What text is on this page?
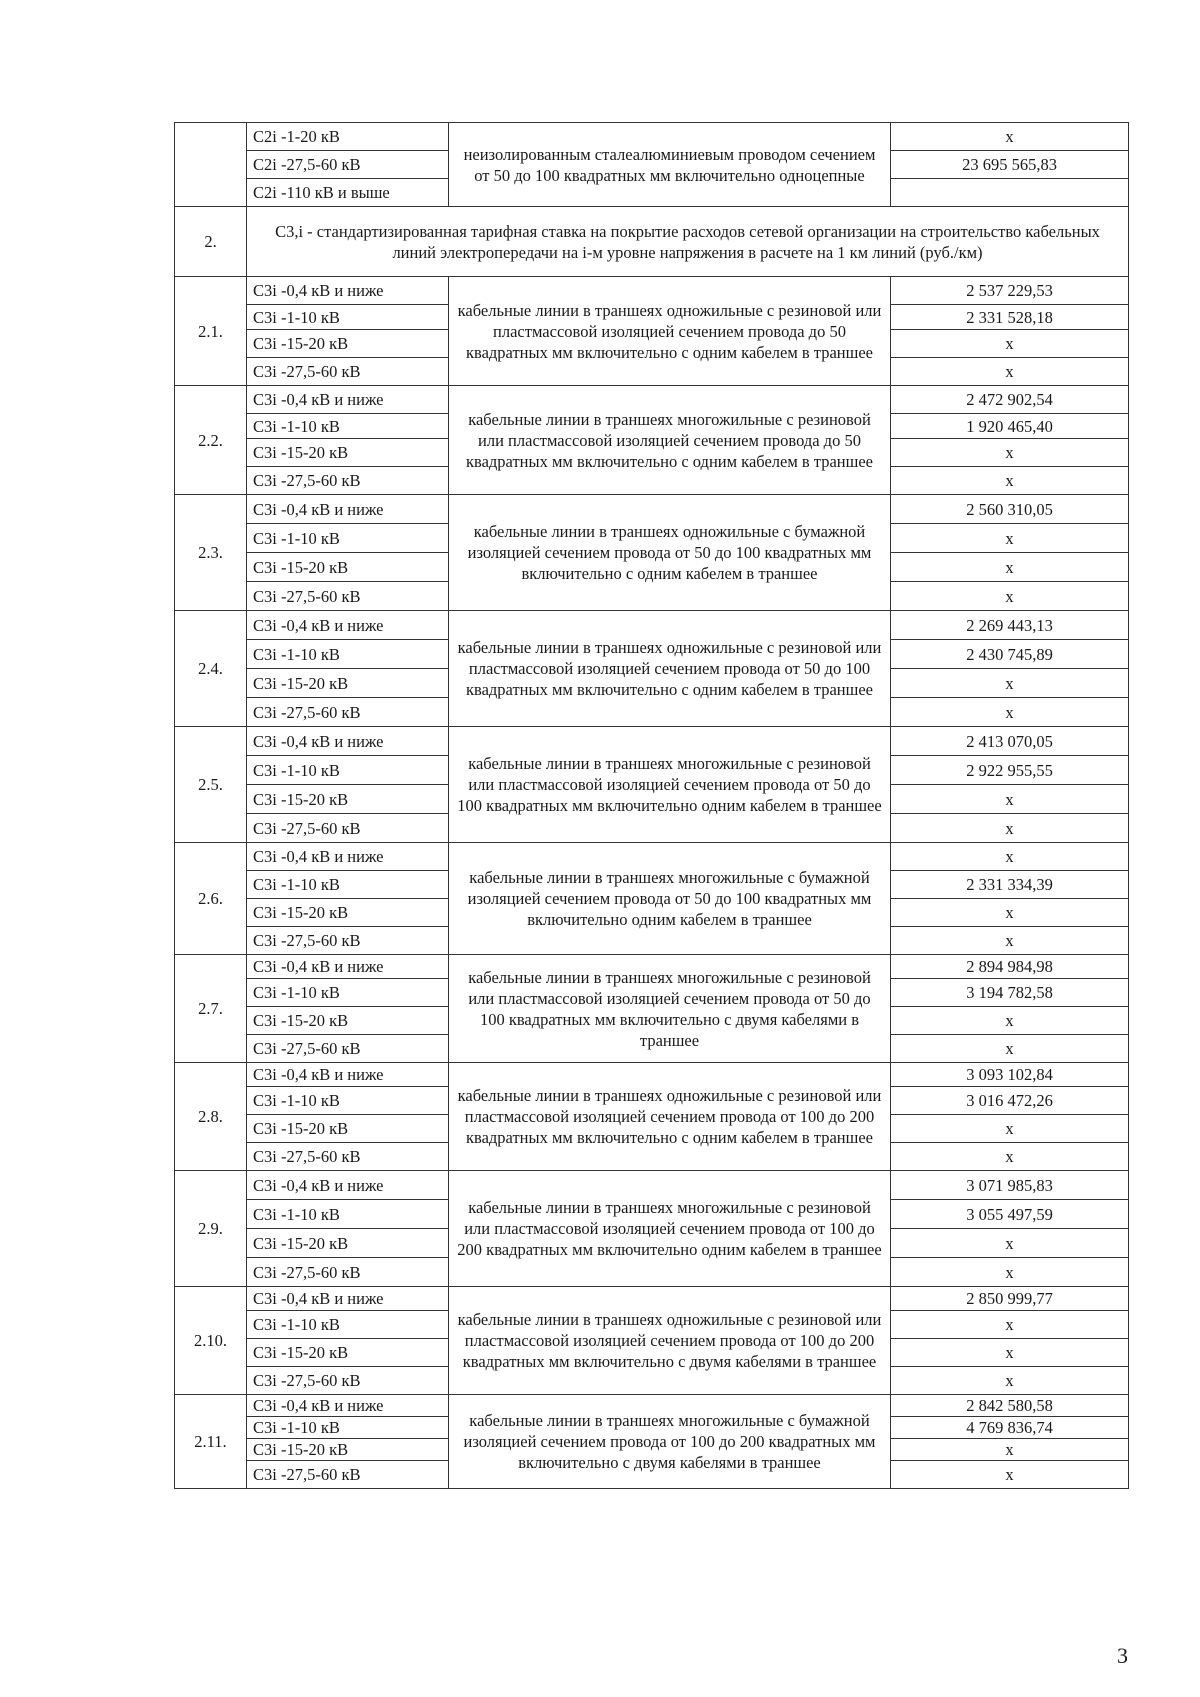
	C2i -1-20 кВ	неизолированным сталеалюминиевым проводом сечением от 50 до 100 квадратных мм включительно одноцепные	x
	C2i -27,5-60 кВ		23 695 565,83
	C2i -110 кВ и выше		
2.	С3,i - стандартизированная тарифная ставка на покрытие расходов сетевой организации на строительство кабельных линий электропередачи на i-м уровне напряжения в расчете на 1 км линий (руб./км)		
2.1.	C3i -0,4 кВ и ниже	кабельные линии в траншеях одножильные с резиновой или пластмассовой изоляцией сечением провода до 50 квадратных мм включительно с одним кабелем в траншее	2 537 229,53
	C3i -1-10 кВ		2 331 528,18
	C3i -15-20 кВ		x
	C3i -27,5-60 кВ		x
2.2.	C3i -0,4 кВ и ниже	кабельные линии в траншеях многожильные с резиновой или пластмассовой изоляцией сечением провода до 50 квадратных мм включительно с одним кабелем в траншее	2 472 902,54
	C3i -1-10 кВ		1 920 465,40
	C3i -15-20 кВ		x
	C3i -27,5-60 кВ		x
2.3.	C3i -0,4 кВ и ниже	кабельные линии в траншеях одножильные с бумажной изоляцией сечением провода от 50 до 100 квадратных мм включительно с одним кабелем в траншее	2 560 310,05
	C3i -1-10 кВ		x
	C3i -15-20 кВ		x
	C3i -27,5-60 кВ		x
2.4.	C3i -0,4 кВ и ниже	кабельные линии в траншеях одножильные с резиновой или пластмассовой изоляцией сечением провода от 50 до 100 квадратных мм включительно с одним кабелем в траншее	2 269 443,13
	C3i -1-10 кВ		2 430 745,89
	C3i -15-20 кВ		x
	C3i -27,5-60 кВ		x
2.5.	C3i -0,4 кВ и ниже	кабельные линии в траншеях многожильные с резиновой или пластмассовой изоляцией сечением провода от 50 до 100 квадратных мм включительно одним кабелем в траншее	2 413 070,05
	C3i -1-10 кВ		2 922 955,55
	C3i -15-20 кВ		x
	C3i -27,5-60 кВ		x
2.6.	C3i -0,4 кВ и ниже	кабельные линии в траншеях многожильные с бумажной изоляцией сечением провода от 50 до 100 квадратных мм включительно одним кабелем в траншее	x
	C3i -1-10 кВ		2 331 334,39
	C3i -15-20 кВ		x
	C3i -27,5-60 кВ		x
2.7.	C3i -0,4 кВ и ниже	кабельные линии в траншеях многожильные с резиновой или пластмассовой изоляцией сечением провода от 50 до 100 квадратных мм включительно с двумя кабелями в траншее	2 894 984,98
	C3i -1-10 кВ		3 194 782,58
	C3i -15-20 кВ		x
	C3i -27,5-60 кВ		x
2.8.	C3i -0,4 кВ и ниже	кабельные линии в траншеях одножильные с резиновой или пластмассовой изоляцией сечением провода от 100 до 200 квадратных мм включительно с одним кабелем в траншее	3 093 102,84
	C3i -1-10 кВ		3 016 472,26
	C3i -15-20 кВ		x
	C3i -27,5-60 кВ		x
2.9.	C3i -0,4 кВ и ниже	кабельные линии в траншеях многожильные с резиновой или пластмассовой изоляцией сечением провода от 100 до 200 квадратных мм включительно одним кабелем в траншее	3 071 985,83
	C3i -1-10 кВ		3 055 497,59
	C3i -15-20 кВ		x
	C3i -27,5-60 кВ		x
2.10.	C3i -0,4 кВ и ниже	кабельные линии в траншеях одножильные с резиновой или пластмассовой изоляцией сечением провода от 100 до 200 квадратных мм включительно с двумя кабелями в траншее	2 850 999,77
	C3i -1-10 кВ		x
	C3i -15-20 кВ		x
	C3i -27,5-60 кВ		x
2.11.	C3i -0,4 кВ и ниже	кабельные линии в траншеях многожильные с бумажной изоляцией сечением провода от 100 до 200 квадратных мм включительно с двумя кабелями в траншее	2 842 580,58
	C3i -1-10 кВ		4 769 836,74
	C3i -15-20 кВ		x
	C3i -27,5-60 кВ		x
3
